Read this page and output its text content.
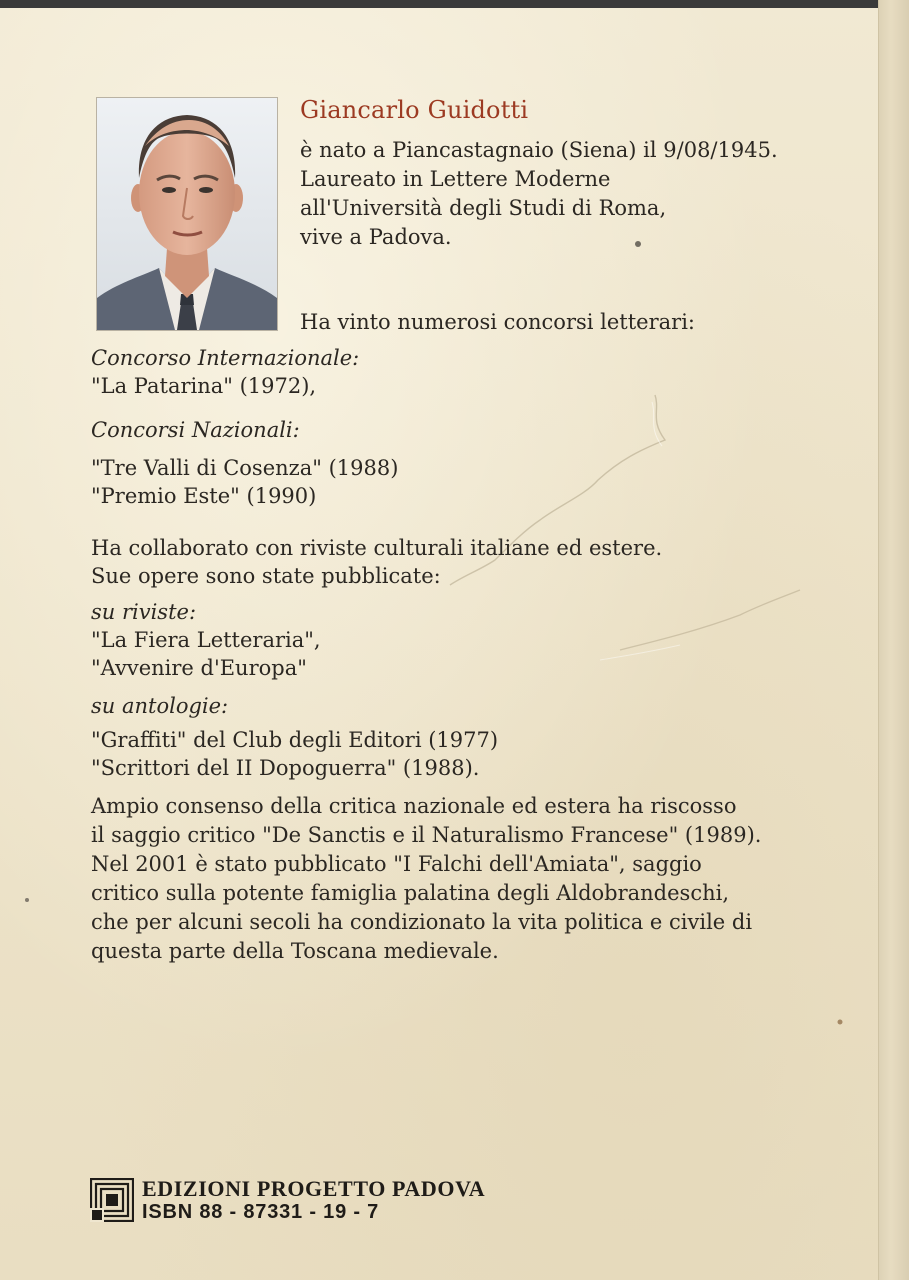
Giancarlo Guidotti
è nato a Piancastagnaio (Siena) il 9/08/1945.
Laureato in Lettere Moderne
all'Università degli Studi di Roma,
vive a Padova.
Ha vinto numerosi concorsi letterari:
Concorso Internazionale:
"La Patarina" (1972),
Concorsi Nazionali:
"Tre Valli di Cosenza" (1988)
"Premio Este" (1990)
Ha collaborato con riviste culturali italiane ed estere.
Sue opere sono state pubblicate:
su riviste:
"La Fiera Letteraria",
"Avvenire d'Europa"
su antologie:
"Graffiti" del Club degli Editori (1977)
"Scrittori del II Dopoguerra" (1988).
Ampio consenso della critica nazionale ed estera ha riscosso
il saggio critico "De Sanctis e il Naturalismo Francese" (1989).
Nel 2001 è stato pubblicato "I Falchi dell'Amiata", saggio
critico sulla potente famiglia palatina degli Aldobrandeschi,
che per alcuni secoli ha condizionato la vita politica e civile di
questa parte della Toscana medievale.
EDIZIONI PROGETTO PADOVA
ISBN 88 - 87331 - 19 - 7
